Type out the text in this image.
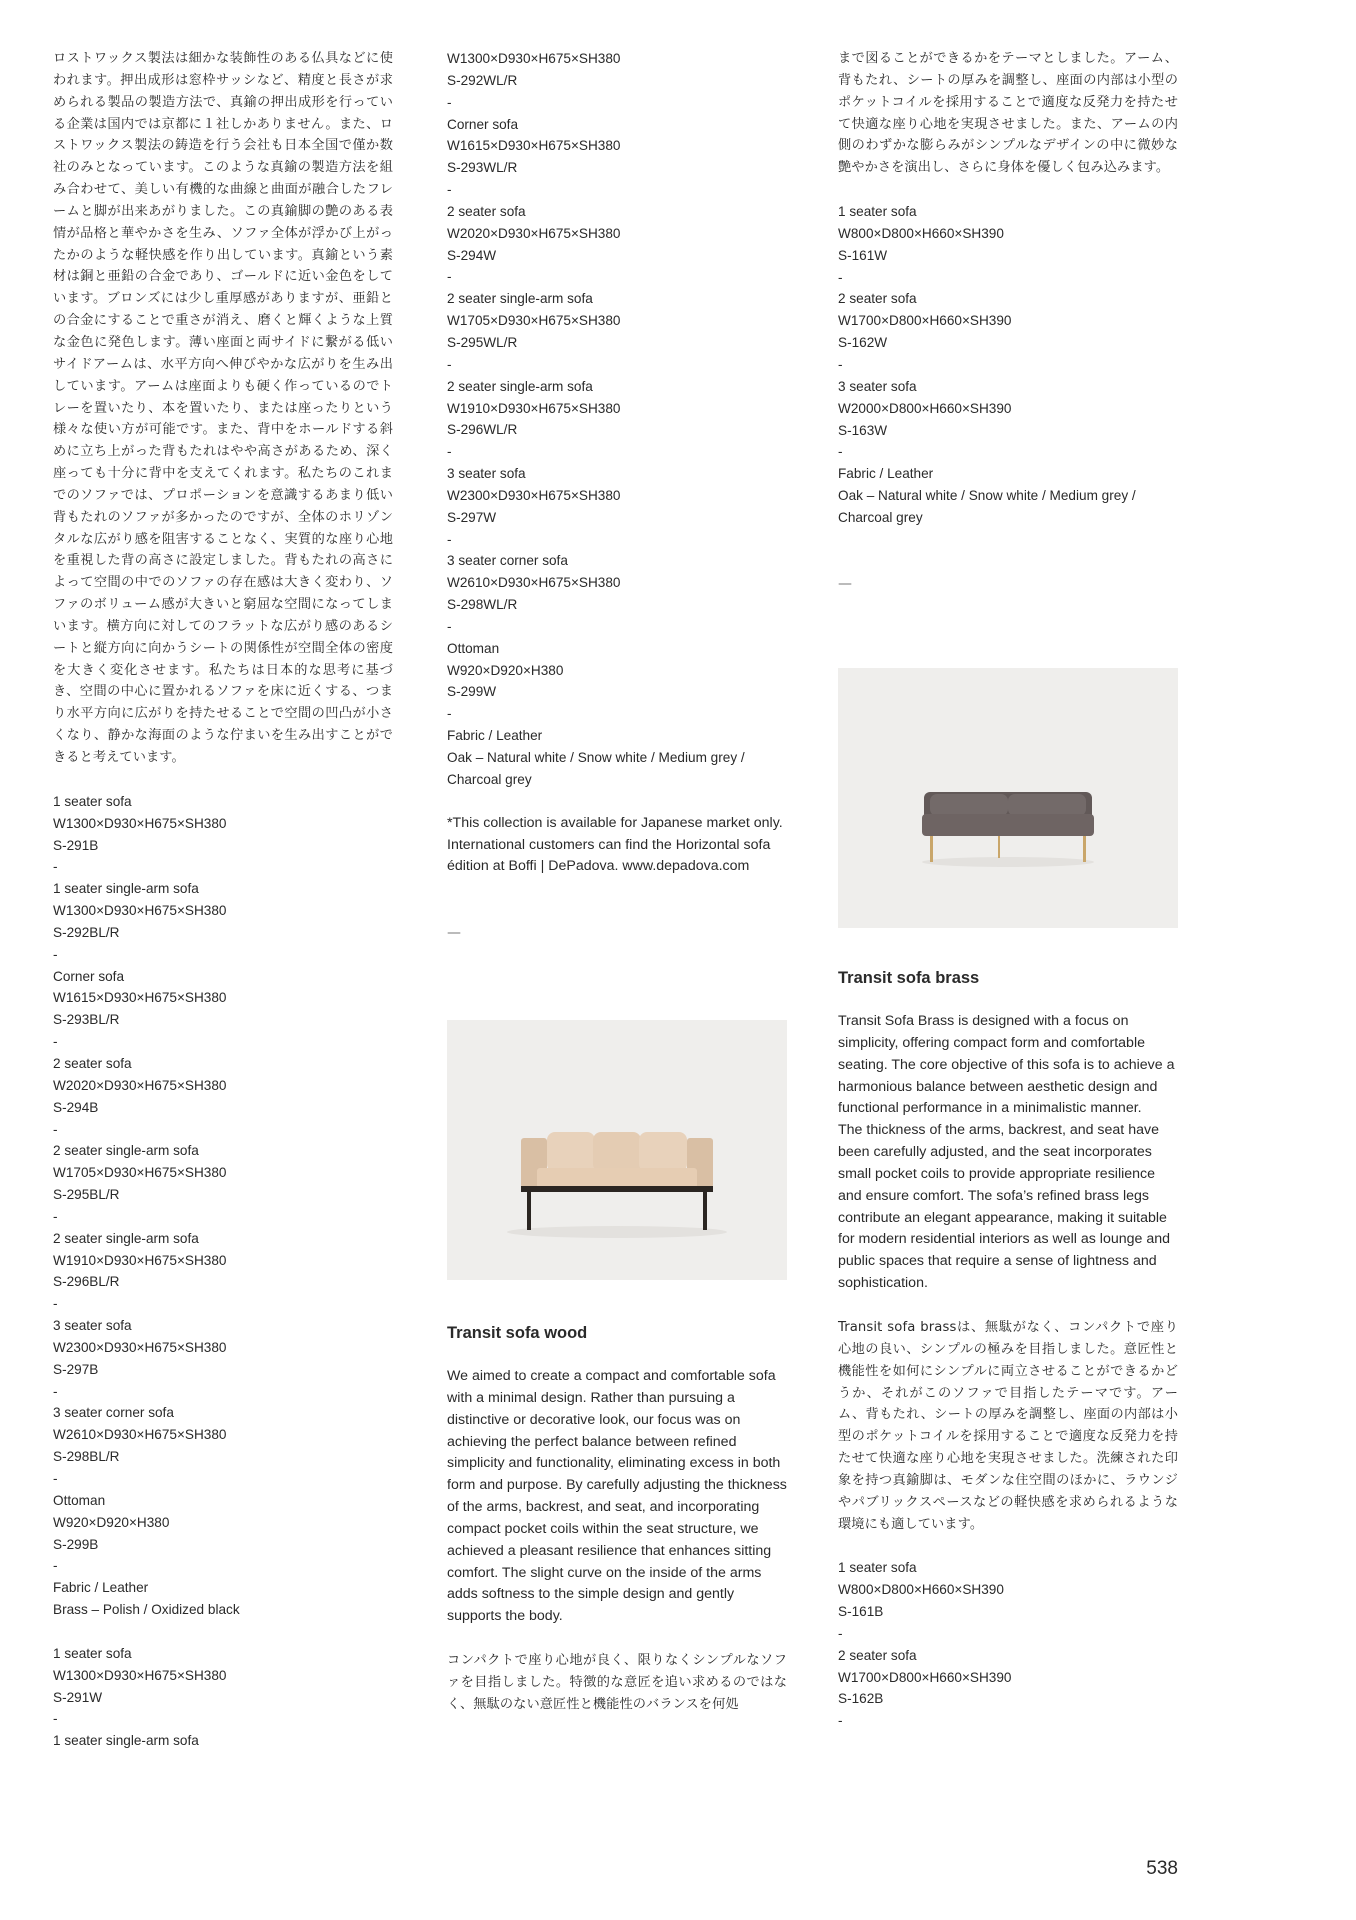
ロストワックス製法は細かな装飾性のある仏具などに使われます。押出成形は窓枠サッシなど、精度と長さが求められる製品の製造方法で、真鍮の押出成形を行っている企業は国内では京都に１社しかありません。また、ロストワックス製法の鋳造を行う会社も日本全国で僅か数社のみとなっています。このような真鍮の製造方法を組み合わせて、美しい有機的な曲線と曲面が融合したフレームと脚が出来あがりました。この真鍮脚の艶のある表情が品格と華やかさを生み、ソファ全体が浮かび上がったかのような軽快感を作り出しています。真鍮という素材は銅と亜鉛の合金であり、ゴールドに近い金色をしています。ブロンズには少し重厚感がありますが、亜鉛との合金にすることで重さが消え、磨くと輝くような上質な金色に発色します。薄い座面と両サイドに繋がる低いサイドアームは、水平方向へ伸びやかな広がりを生み出しています。アームは座面よりも硬く作っているのでトレーを置いたり、本を置いたり、または座ったりという様々な使い方が可能です。また、背中をホールドする斜めに立ち上がった背もたれはやや高さがあるため、深く座っても十分に背中を支えてくれます。私たちのこれまでのソファでは、プロポーションを意識するあまり低い背もたれのソファが多かったのですが、全体のホリゾンタルな広がり感を阻害することなく、実質的な座り心地を重視した背の高さに設定しました。背もたれの高さによって空間の中でのソファの存在感は大きく変わり、ソファのボリューム感が大きいと窮屈な空間になってしまいます。横方向に対してのフラットな広がり感のあるシートと縦方向に向かうシートの関係性が空間全体の密度を大きく変化させます。私たちは日本的な思考に基づき、空間の中心に置かれるソファを床に近くする、つまり水平方向に広がりを持たせることで空間の凹凸が小さくなり、静かな海面のような佇まいを生み出すことができると考えています。

1 seater sofa
W1300×D930×H675×SH380
S-291B
-
1 seater single-arm sofa
W1300×D930×H675×SH380
S-292BL/R
-
Corner sofa
W1615×D930×H675×SH380
S-293BL/R
-
2 seater sofa
W2020×D930×H675×SH380
S-294B
-
2 seater single-arm sofa
W1705×D930×H675×SH380
S-295BL/R
-
2 seater single-arm sofa
W1910×D930×H675×SH380
S-296BL/R
-
3 seater sofa
W2300×D930×H675×SH380
S-297B
-
3 seater corner sofa
W2610×D930×H675×SH380
S-298BL/R
-
Ottoman
W920×D920×H380
S-299B
-
Fabric / Leather
Brass – Polish / Oxidized black
1 seater sofa
W1300×D930×H675×SH380
S-291W
-
1 seater single-arm sofa
W1300×D930×H675×SH380
S-292WL/R
-
Corner sofa
W1615×D930×H675×SH380
S-293WL/R
-
2 seater sofa
W2020×D930×H675×SH380
S-294W
-
2 seater single-arm sofa
W1705×D930×H675×SH380
S-295WL/R
-
2 seater single-arm sofa
W1910×D930×H675×SH380
S-296WL/R
-
3 seater sofa
W2300×D930×H675×SH380
S-297W
-
3 seater corner sofa
W2610×D930×H675×SH380
S-298WL/R
-
Ottoman
W920×D920×H380
S-299W
-
Fabric / Leather
Oak – Natural white / Snow white / Medium grey / Charcoal grey

*This collection is available for Japanese market only. International customers can find the Horizontal sofa édition at Boffi | DePadova. www.depadova.com

—
Transit sofa wood

We aimed to create a compact and comfortable sofa with a minimal design. Rather than pursuing a distinctive or decorative look, our focus was on achieving the perfect balance between refined simplicity and functionality, eliminating excess in both form and purpose. By carefully adjusting the thickness of the arms, backrest, and seat, and incorporating compact pocket coils within the seat structure, we achieved a pleasant resilience that enhances sitting comfort. The slight curve on the inside of the arms adds softness to the simple design and gently supports the body.

コンパクトで座り心地が良く、限りなくシンプルなソファを目指しました。特徴的な意匠を追い求めるのではなく、無駄のない意匠性と機能性のバランスを何処

まで図ることができるかをテーマとしました。アーム、背もたれ、シートの厚みを調整し、座面の内部は小型のポケットコイルを採用することで適度な反発力を持たせて快適な座り心地を実現させました。また、アームの内側のわずかな膨らみがシンプルなデザインの中に微妙な艶やかさを演出し、さらに身体を優しく包み込みます。

1 seater sofa
W800×D800×H660×SH390
S-161W
-
2 seater sofa
W1700×D800×H660×SH390
S-162W
-
3 seater sofa
W2000×D800×H660×SH390
S-163W
-
Fabric / Leather
Oak – Natural white / Snow white / Medium grey / Charcoal grey
—
Transit sofa brass

Transit Sofa Brass is designed with a focus on simplicity, offering compact form and comfortable seating. The core objective of this sofa is to achieve a harmonious balance between aesthetic design and functional performance in a minimalistic manner.
The thickness of the arms, backrest, and seat have been carefully adjusted, and the seat incorporates small pocket coils to provide appropriate resilience and ensure comfort. The sofa’s refined brass legs contribute an elegant appearance, making it suitable for modern residential interiors as well as lounge and public spaces that require a sense of lightness and sophistication.

Transit sofa brassは、無駄がなく、コンパクトで座り心地の良い、シンプルの極みを目指しました。意匠性と機能性を如何にシンプルに両立させることができるかどうか、それがこのソファで目指したテーマです。アーム、背もたれ、シートの厚みを調整し、座面の内部は小型のポケットコイルを採用することで適度な反発力を持たせて快適な座り心地を実現させました。洗練された印象を持つ真鍮脚は、モダンな住空間のほかに、ラウンジやパブリックスペースなどの軽快感を求められるような環境にも適しています。

1 seater sofa
W800×D800×H660×SH390
S-161B
-
2 seater sofa
W1700×D800×H660×SH390
S-162B
-
538
